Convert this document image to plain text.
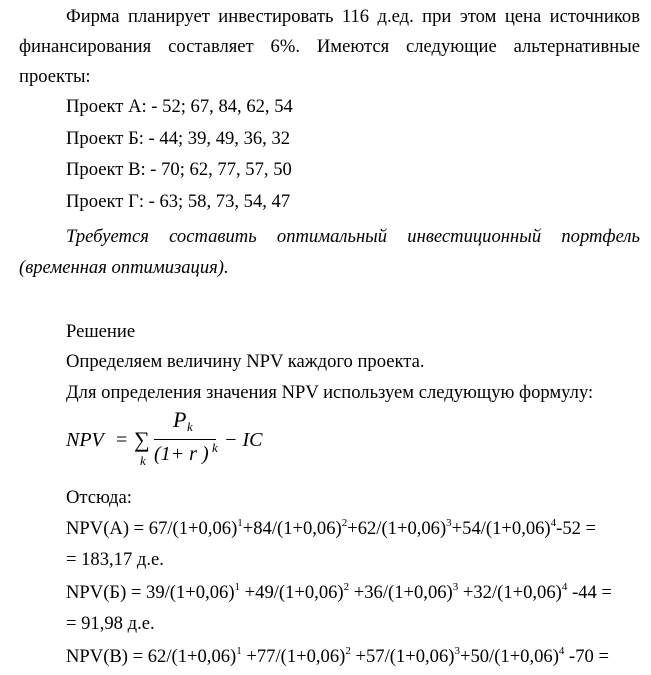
Фирма планирует инвестировать 116 д.ед. при этом цена источников
финансирования составляет 6%. Имеются следующие альтернативные
проекты:
Проект А: - 52; 67, 84, 62, 54
Проект Б: - 44; 39, 49, 36, 32
Проект В: - 70; 62, 77, 57, 50
Проект Г: - 63; 58, 73, 54, 47
Требуется составить оптимальный инвестиционный портфель
(временная оптимизация).
Решение
Определяем величину NPV каждого проекта.
Для определения значения NPV используем следующую формулу:
NPV = ∑
k
P k
(1+ r ) k − IC
Отсюда:
$NPV(А) = 67/(1+0,06)^1+84/(1+0,06)^2+62/(1+0,06)^3+54/(1+0,06)^4-52$ =
= 183,17 д.е.
$NPV(Б) = 39/(1+0,06)^1 +49/(1+0,06)^2 +36/(1+0,06)^3 +32/(1+0,06)^4$ -44 =
= 91,98 д.е.
$NPV(В) = 62/(1+0,06)^1 +77/(1+0,06)^2 +57/(1+0,06)^3+50/(1+0,06)^4$ -70 =
